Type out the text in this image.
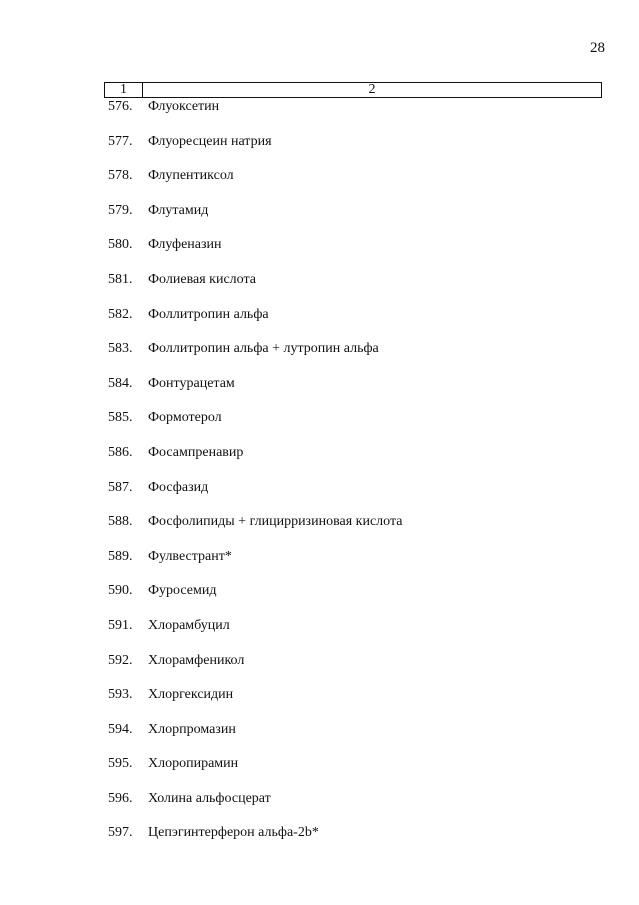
28
1	2
576.	Флуоксетин
577.	Флуоресцеин натрия
578.	Флупентиксол
579.	Флутамид
580.	Флуфеназин
581.	Фолиевая кислота
582.	Фоллитропин альфа
583.	Фоллитропин альфа + лутропин альфа
584.	Фонтурацетам
585.	Формотерол
586.	Фосампренавир
587.	Фосфазид
588.	Фосфолипиды + глицирризиновая кислота
589.	Фулвестрант*
590.	Фуросемид
591.	Хлорамбуцил
592.	Хлорамфеникол
593.	Хлоргексидин
594.	Хлорпромазин
595.	Хлоропирамин
596.	Холина альфосцерат
597.	Цепэгинтерферон альфа-2b*
